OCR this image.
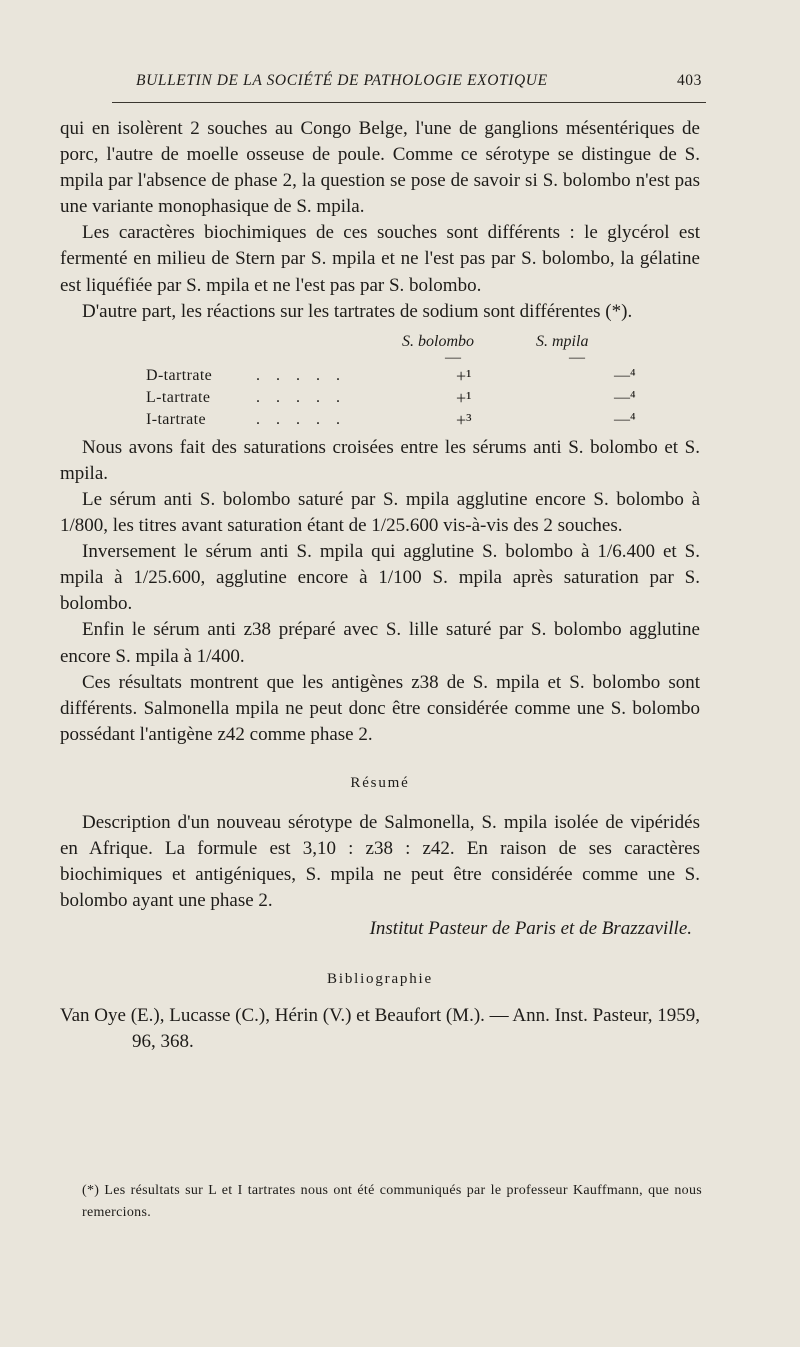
BULLETIN DE LA SOCIÉTÉ DE PATHOLOGIE EXOTIQUE	403

qui en isolèrent 2 souches au Congo Belge, l'une de ganglions mésentériques de porc, l'autre de moelle osseuse de poule. Comme ce sérotype se distingue de S. mpila par l'absence de phase 2, la question se pose de savoir si S. bolombo n'est pas une variante monophasique de S. mpila.

Les caractères biochimiques de ces souches sont différents : le glycérol est fermenté en milieu de Stern par S. mpila et ne l'est pas par S. bolombo, la gélatine est liquéfiée par S. mpila et ne l'est pas par S. bolombo.

D'autre part, les réactions sur les tartrates de sodium sont différentes (*).

S. bolombo	S. mpila
—	—
D-tartrate	. . . . .	+¹	—⁴
L-tartrate	. . . . .	+¹	—⁴
I-tartrate	. . . . .	+³	—⁴

Nous avons fait des saturations croisées entre les sérums anti S. bolombo et S. mpila.

Le sérum anti S. bolombo saturé par S. mpila agglutine encore S. bolombo à 1/800, les titres avant saturation étant de 1/25.600 vis-à-vis des 2 souches.

Inversement le sérum anti S. mpila qui agglutine S. bolombo à 1/6.400 et S. mpila à 1/25.600, agglutine encore à 1/100 S. mpila après saturation par S. bolombo.

Enfin le sérum anti z38 préparé avec S. lille saturé par S. bolombo agglutine encore S. mpila à 1/400.

Ces résultats montrent que les antigènes z38 de S. mpila et S. bolombo sont différents. Salmonella mpila ne peut donc être considérée comme une S. bolombo possédant l'antigène z42 comme phase 2.

Résumé

Description d'un nouveau sérotype de Salmonella, S. mpila isolée de vipéridés en Afrique. La formule est 3,10 : z38 : z42. En raison de ses caractères biochimiques et antigéniques, S. mpila ne peut être considérée comme une S. bolombo ayant une phase 2.

Institut Pasteur de Paris et de Brazzaville.

Bibliographie

Van Oye (E.), Lucasse (C.), Hérin (V.) et Beaufort (M.). — Ann. Inst. Pasteur, 1959, 96, 368.

(*) Les résultats sur L et I tartrates nous ont été communiqués par le professeur Kauffmann, que nous remercions.
